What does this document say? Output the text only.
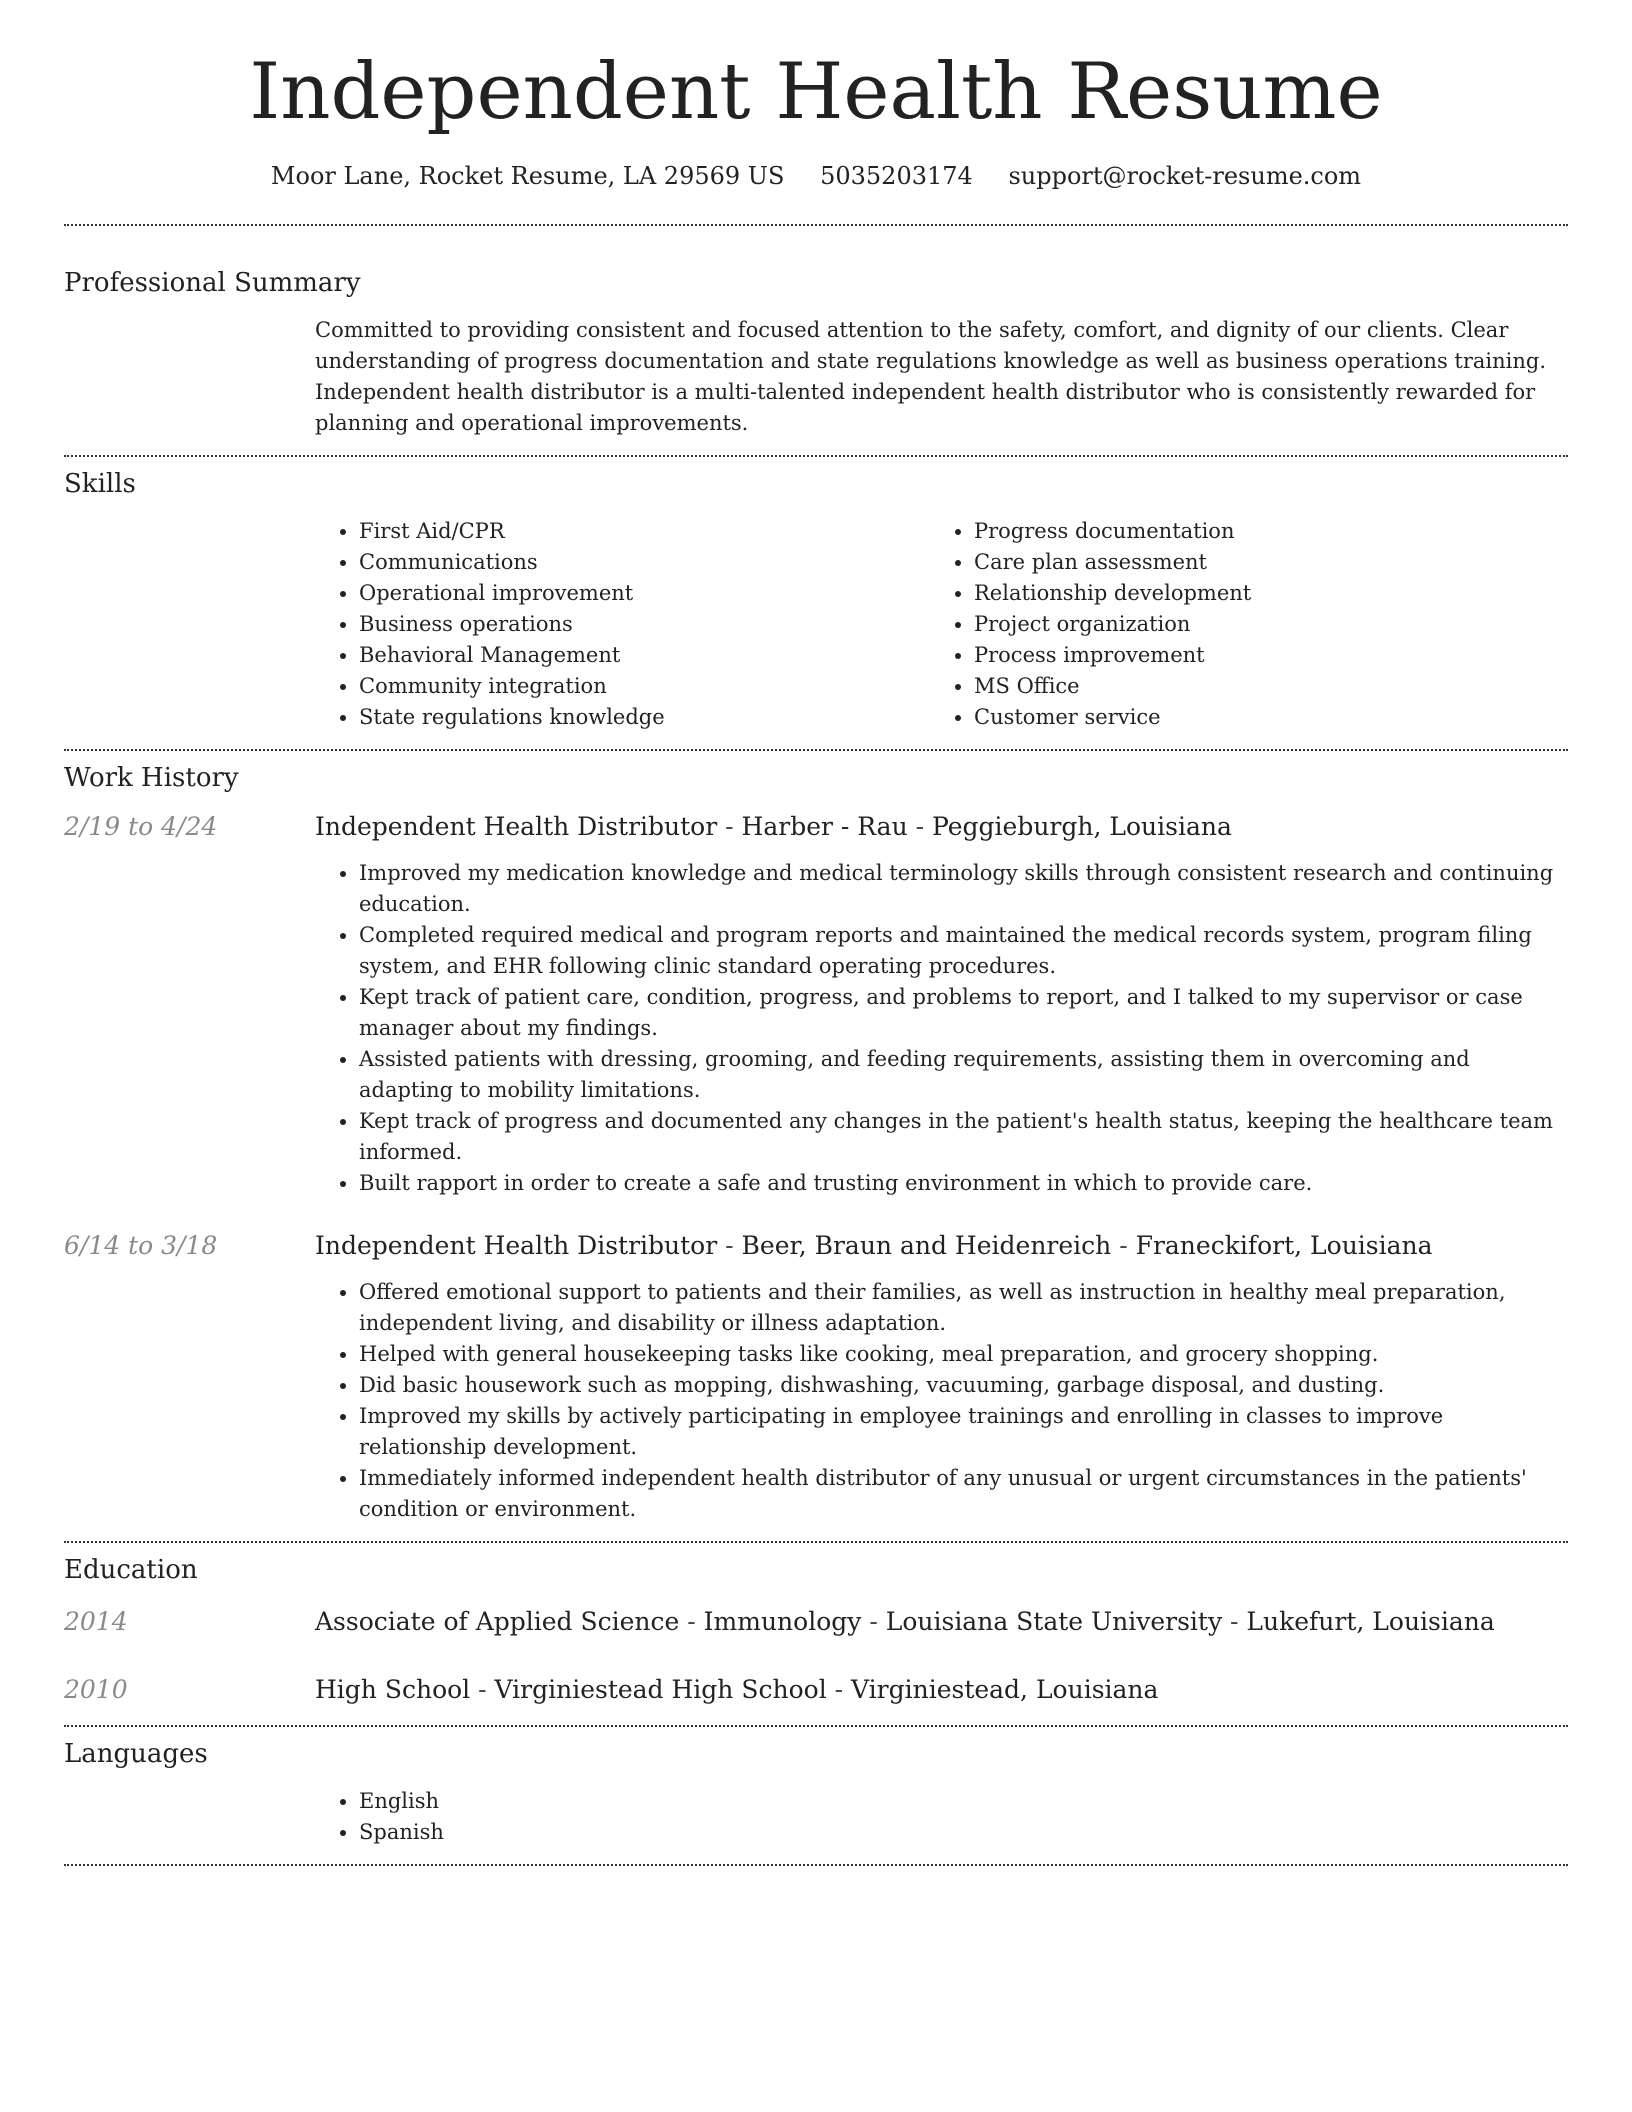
Independent Health Resume
Moor Lane, Rocket Resume, LA 29569 US 5035203174 support@rocket-resume.com
Professional Summary

Committed to providing consistent and focused attention to the safety, comfort, and dignity of our clients. Clear understanding of progress documentation and state regulations knowledge as well as business operations training. Independent health distributor is a multi-talented independent health distributor who is consistently rewarded for planning and operational improvements.

Skills
• First Aid/CPR
• Communications
• Operational improvement
• Business operations
• Behavioral Management
• Community integration
• State regulations knowledge
• Progress documentation
• Care plan assessment
• Relationship development
• Project organization
• Process improvement
• MS Office
• Customer service
Work History
2/19 to 4/24	Independent Health Distributor - Harber - Rau - Peggieburgh, Louisiana
• Improved my medication knowledge and medical terminology skills through consistent research and continuing education.
• Completed required medical and program reports and maintained the medical records system, program filing system, and EHR following clinic standard operating procedures.
• Kept track of patient care, condition, progress, and problems to report, and I talked to my supervisor or case manager about my findings.
• Assisted patients with dressing, grooming, and feeding requirements, assisting them in overcoming and adapting to mobility limitations.
• Kept track of progress and documented any changes in the patient's health status, keeping the healthcare team informed.
• Built rapport in order to create a safe and trusting environment in which to provide care.
6/14 to 3/18	Independent Health Distributor - Beer, Braun and Heidenreich - Franeckifort, Louisiana
• Offered emotional support to patients and their families, as well as instruction in healthy meal preparation, independent living, and disability or illness adaptation.
• Helped with general housekeeping tasks like cooking, meal preparation, and grocery shopping.
• Did basic housework such as mopping, dishwashing, vacuuming, garbage disposal, and dusting.
• Improved my skills by actively participating in employee trainings and enrolling in classes to improve relationship development.
• Immediately informed independent health distributor of any unusual or urgent circumstances in the patients' condition or environment.
Education
2014	Associate of Applied Science - Immunology - Louisiana State University - Lukefurt, Louisiana
2010	High School - Virginiestead High School - Virginiestead, Louisiana
Languages
• English
• Spanish
